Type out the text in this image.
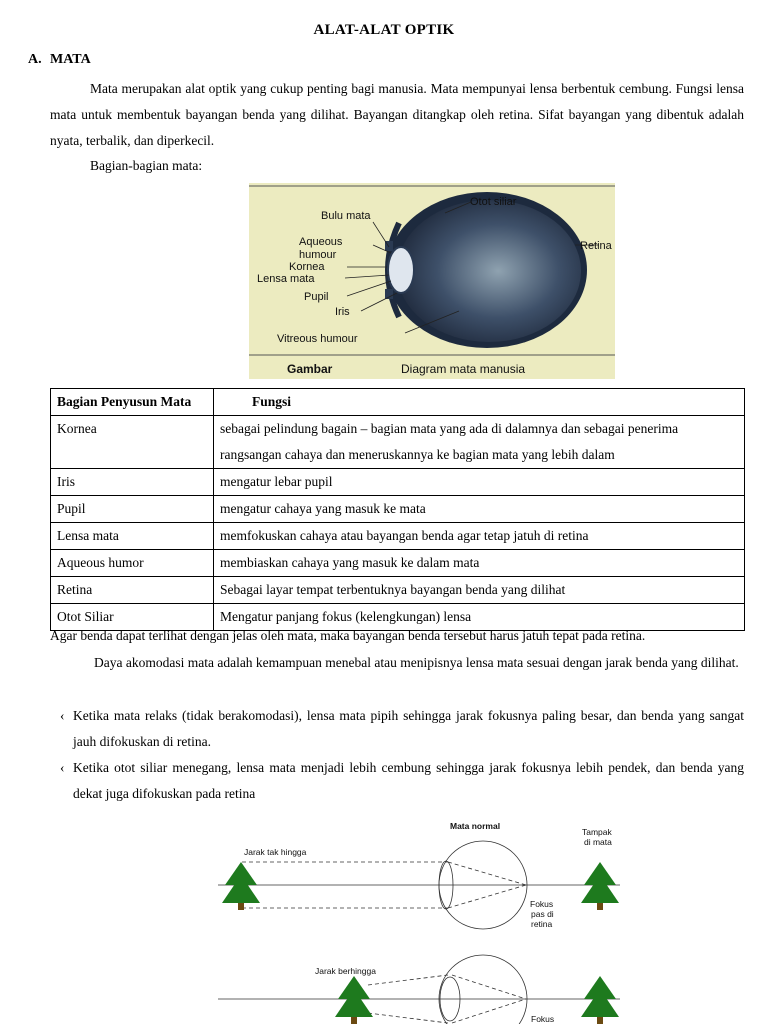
ALAT-ALAT OPTIK
A. MATA

Mata merupakan alat optik yang cukup penting bagi manusia. Mata mempunyai lensa berbentuk cembung. Fungsi lensa mata untuk membentuk bayangan benda yang dilihat. Bayangan ditangkap oleh retina. Sifat bayangan yang dibentuk adalah nyata, terbalik, dan diperkecil.

Bagian-bagian mata:

Bulu mata
Otot siliar
Aqueous
humour
Kornea
Lensa mata
Pupil
Iris
Vitreous humour
Retina
Gambar	Diagram mata manusia
Bagian Penyusun Mata	Fungsi
Kornea	sebagai pelindung bagain – bagian mata yang ada di dalamnya dan sebagai penerima rangsangan cahaya dan meneruskannya ke bagian mata yang lebih dalam
Iris	mengatur lebar pupil
Pupil	mengatur cahaya yang masuk ke mata
Lensa mata	memfokuskan cahaya atau bayangan benda agar tetap jatuh di retina
Aqueous humor	membiaskan cahaya yang masuk ke dalam mata
Retina	Sebagai layar tempat terbentuknya bayangan benda yang dilihat
Otot Siliar	Mengatur panjang fokus (kelengkungan) lensa

Agar benda dapat terlihat dengan jelas oleh mata, maka bayangan benda tersebut harus jatuh tepat pada retina.

Daya akomodasi mata adalah kemampuan menebal atau menipisnya lensa mata sesuai dengan jarak benda yang dilihat.

‹ Ketika mata relaks (tidak berakomodasi), lensa mata pipih sehingga jarak fokusnya paling besar, dan benda yang sangat jauh difokuskan di retina.
‹ Ketika otot siliar menegang, lensa mata menjadi lebih cembung sehingga jarak fokusnya lebih pendek, dan benda yang dekat juga difokuskan pada retina
Mata normal
Tampak
di mata
Jarak tak hingga
Fokus
pas di
retina
Jarak berhingga
Fokus
